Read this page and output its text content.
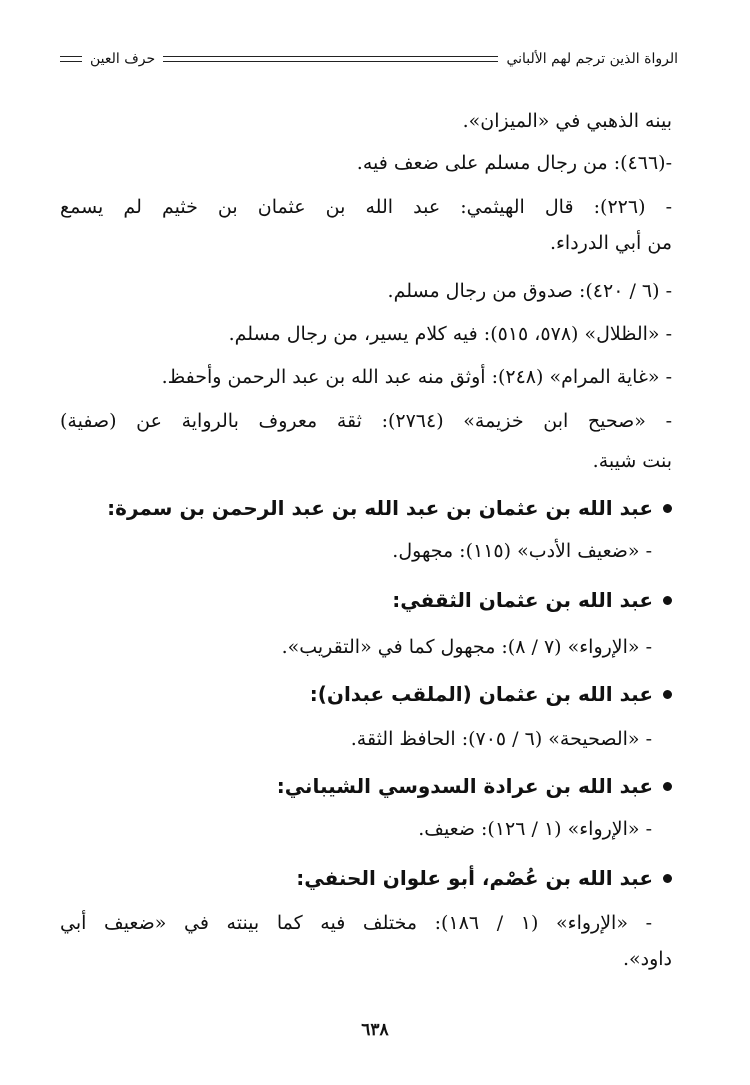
الرواة الذين ترجم لهم الألباني
حرف العين
بينه الذهبي في «الميزان».
-(٤٦٦): من رجال مسلم على ضعف فيه.
- (٢٢٦): قال الهيثمي: عبد الله بن عثمان بن خثيم لم يسمع
من أبي الدرداء.
- (٦ / ٤٢٠): صدوق من رجال مسلم.
- «الظلال» (٥٧٨، ٥١٥): فيه كلام يسير، من رجال مسلم.
- «غاية المرام» (٢٤٨): أوثق منه عبد الله بن عبد الرحمن وأحفظ.
- «صحيح ابن خزيمة» (٢٧٦٤): ثقة معروف بالرواية عن (صفية)
بنت شيبة.
عبد الله بن عثمان بن عبد الله بن عبد الرحمن بن سمرة:
- «ضعيف الأدب» (١١٥): مجهول.
عبد الله بن عثمان الثقفي:
- «الإرواء» (٧ / ٨): مجهول كما في «التقريب».
عبد الله بن عثمان (الملقب عبدان):
- «الصحيحة» (٦ / ٧٠٥): الحافظ الثقة.
عبد الله بن عرادة السدوسي الشيباني:
- «الإرواء» (١ / ١٢٦): ضعيف.
عبد الله بن عُصْم، أبو علوان الحنفي:
- «الإرواء» (١ / ١٨٦): مختلف فيه كما بينته في «ضعيف أبي
داود».
٦٣٨
